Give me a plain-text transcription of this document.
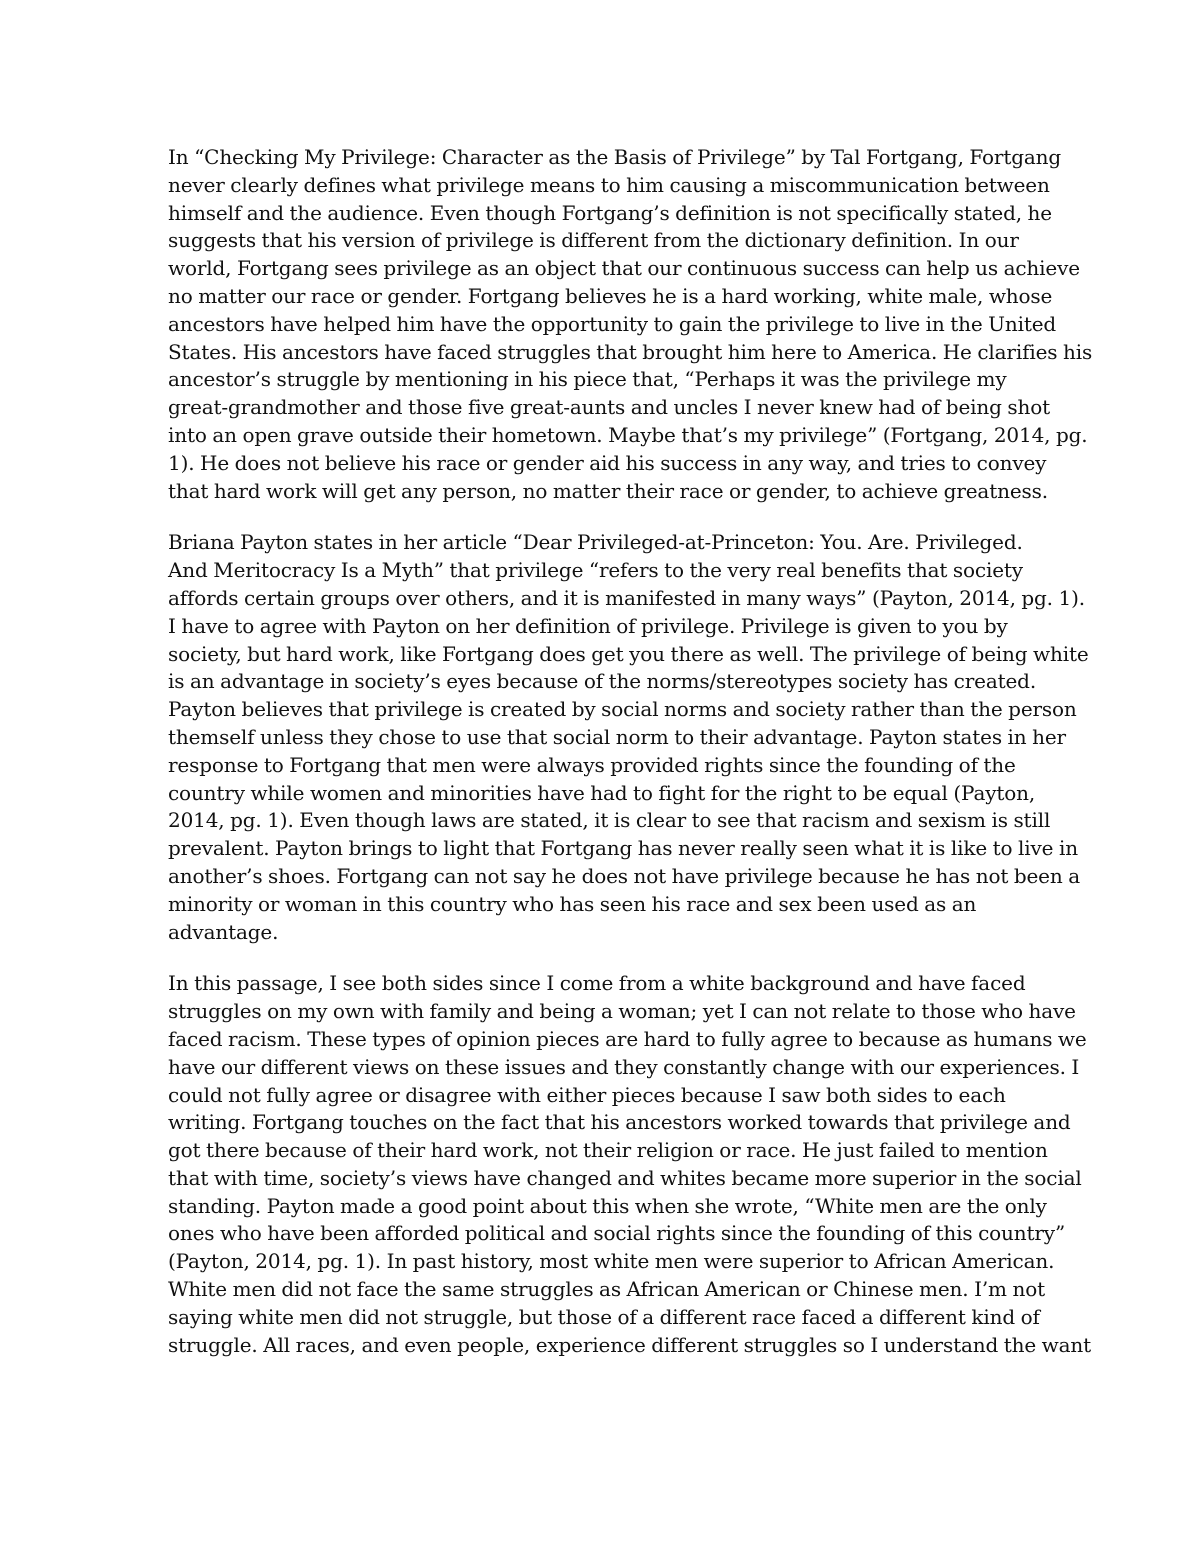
In “Checking My Privilege: Character as the Basis of Privilege” by Tal Fortgang, Fortgang
never clearly defines what privilege means to him causing a miscommunication between
himself and the audience. Even though Fortgang’s definition is not specifically stated, he
suggests that his version of privilege is different from the dictionary definition. In our
world, Fortgang sees privilege as an object that our continuous success can help us achieve
no matter our race or gender. Fortgang believes he is a hard working, white male, whose
ancestors have helped him have the opportunity to gain the privilege to live in the United
States. His ancestors have faced struggles that brought him here to America. He clarifies his
ancestor’s struggle by mentioning in his piece that, “Perhaps it was the privilege my
great-grandmother and those five great-aunts and uncles I never knew had of being shot
into an open grave outside their hometown. Maybe that’s my privilege” (Fortgang, 2014, pg.
1). He does not believe his race or gender aid his success in any way, and tries to convey
that hard work will get any person, no matter their race or gender, to achieve greatness.
Briana Payton states in her article “Dear Privileged-at-Princeton: You. Are. Privileged.
And Meritocracy Is a Myth” that privilege “refers to the very real benefits that society
affords certain groups over others, and it is manifested in many ways” (Payton, 2014, pg. 1).
I have to agree with Payton on her definition of privilege. Privilege is given to you by
society, but hard work, like Fortgang does get you there as well. The privilege of being white
is an advantage in society’s eyes because of the norms/stereotypes society has created.
Payton believes that privilege is created by social norms and society rather than the person
themself unless they chose to use that social norm to their advantage. Payton states in her
response to Fortgang that men were always provided rights since the founding of the
country while women and minorities have had to fight for the right to be equal (Payton,
2014, pg. 1). Even though laws are stated, it is clear to see that racism and sexism is still
prevalent. Payton brings to light that Fortgang has never really seen what it is like to live in
another’s shoes. Fortgang can not say he does not have privilege because he has not been a
minority or woman in this country who has seen his race and sex been used as an
advantage.
In this passage, I see both sides since I come from a white background and have faced
struggles on my own with family and being a woman; yet I can not relate to those who have
faced racism. These types of opinion pieces are hard to fully agree to because as humans we
have our different views on these issues and they constantly change with our experiences. I
could not fully agree or disagree with either pieces because I saw both sides to each
writing. Fortgang touches on the fact that his ancestors worked towards that privilege and
got there because of their hard work, not their religion or race. He just failed to mention
that with time, society’s views have changed and whites became more superior in the social
standing. Payton made a good point about this when she wrote, “White men are the only
ones who have been afforded political and social rights since the founding of this country”
(Payton, 2014, pg. 1). In past history, most white men were superior to African American.
White men did not face the same struggles as African American or Chinese men. I’m not
saying white men did not struggle, but those of a different race faced a different kind of
struggle. All races, and even people, experience different struggles so I understand the want
